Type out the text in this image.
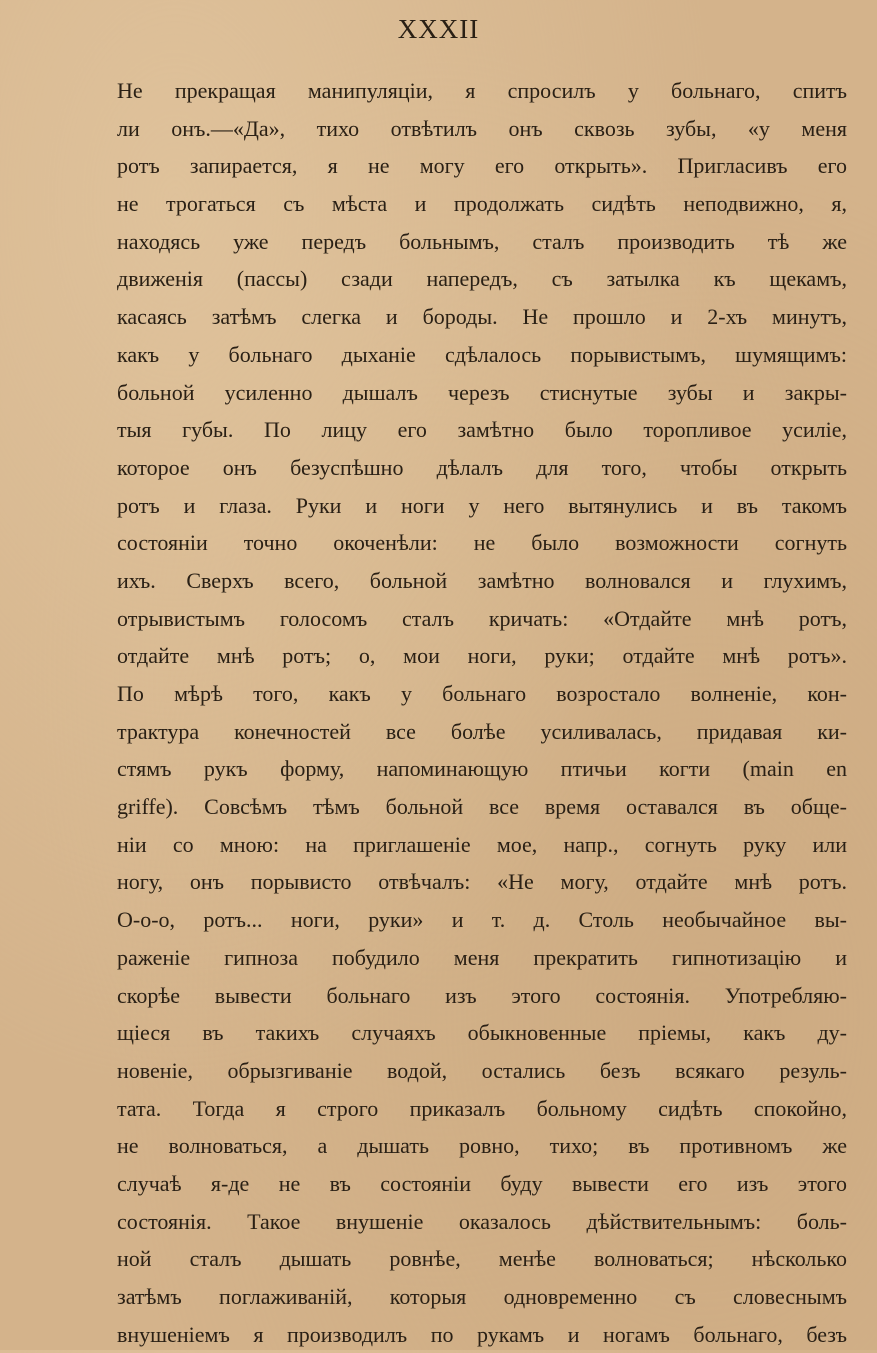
XXXII
Не прекращая манипуляціи, я спросилъ у больнаго, спитъ
ли онъ.—«Да», тихо отвѣтилъ онъ сквозь зубы, «у меня
ротъ запирается, я не могу его открыть». Пригласивъ его
не трогаться съ мѣста и продолжать сидѣть неподвижно, я,
находясь уже передъ больнымъ, сталъ производить тѣ же
движенія (пассы) сзади напередъ, съ затылка къ щекамъ,
касаясь затѣмъ слегка и бороды. Не прошло и 2-хъ минутъ,
какъ у больнаго дыханіе сдѣлалось порывистымъ, шумящимъ:
больной усиленно дышалъ черезъ стиснутые зубы и закры-
тыя губы. По лицу его замѣтно было торопливое усиліе,
которое онъ безуспѣшно дѣлалъ для того, чтобы открыть
ротъ и глаза. Руки и ноги у него вытянулись и въ такомъ
состояніи точно окоченѣли: не было возможности согнуть
ихъ. Сверхъ всего, больной замѣтно волновался и глухимъ,
отрывистымъ голосомъ сталъ кричать: «Отдайте мнѣ ротъ,
отдайте мнѣ ротъ; о, мои ноги, руки; отдайте мнѣ ротъ».
По мѣрѣ того, какъ у больнаго возростало волненіе, кон-
трактура конечностей все болѣе усиливалась, придавая ки-
стямъ рукъ форму, напоминающую птичьи когти (main en
griffe). Совсѣмъ тѣмъ больной все время оставался въ обще-
ніи со мною: на приглашеніе мое, напр., согнуть руку или
ногу, онъ порывисто отвѣчалъ: «Не могу, отдайте мнѣ ротъ.
О-о-о, ротъ... ноги, руки» и т. д. Столь необычайное вы-
раженіе гипноза побудило меня прекратить гипнотизацію и
скорѣе вывести больнаго изъ этого состоянія. Употребляю-
щіеся въ такихъ случаяхъ обыкновенные пріемы, какъ ду-
новеніе, обрызгиваніе водой, остались безъ всякаго резуль-
тата. Тогда я строго приказалъ больному сидѣть спокойно,
не волноваться, а дышать ровно, тихо; въ противномъ же
случаѣ я-де не въ состояніи буду вывести его изъ этого
состоянія. Такое внушеніе оказалось дѣйствительнымъ: боль-
ной сталъ дышать ровнѣе, менѣе волноваться; нѣсколько
затѣмъ поглаживаній, которыя одновременно съ словеснымъ
внушеніемъ я производилъ по рукамъ и ногамъ больнаго, безъ
